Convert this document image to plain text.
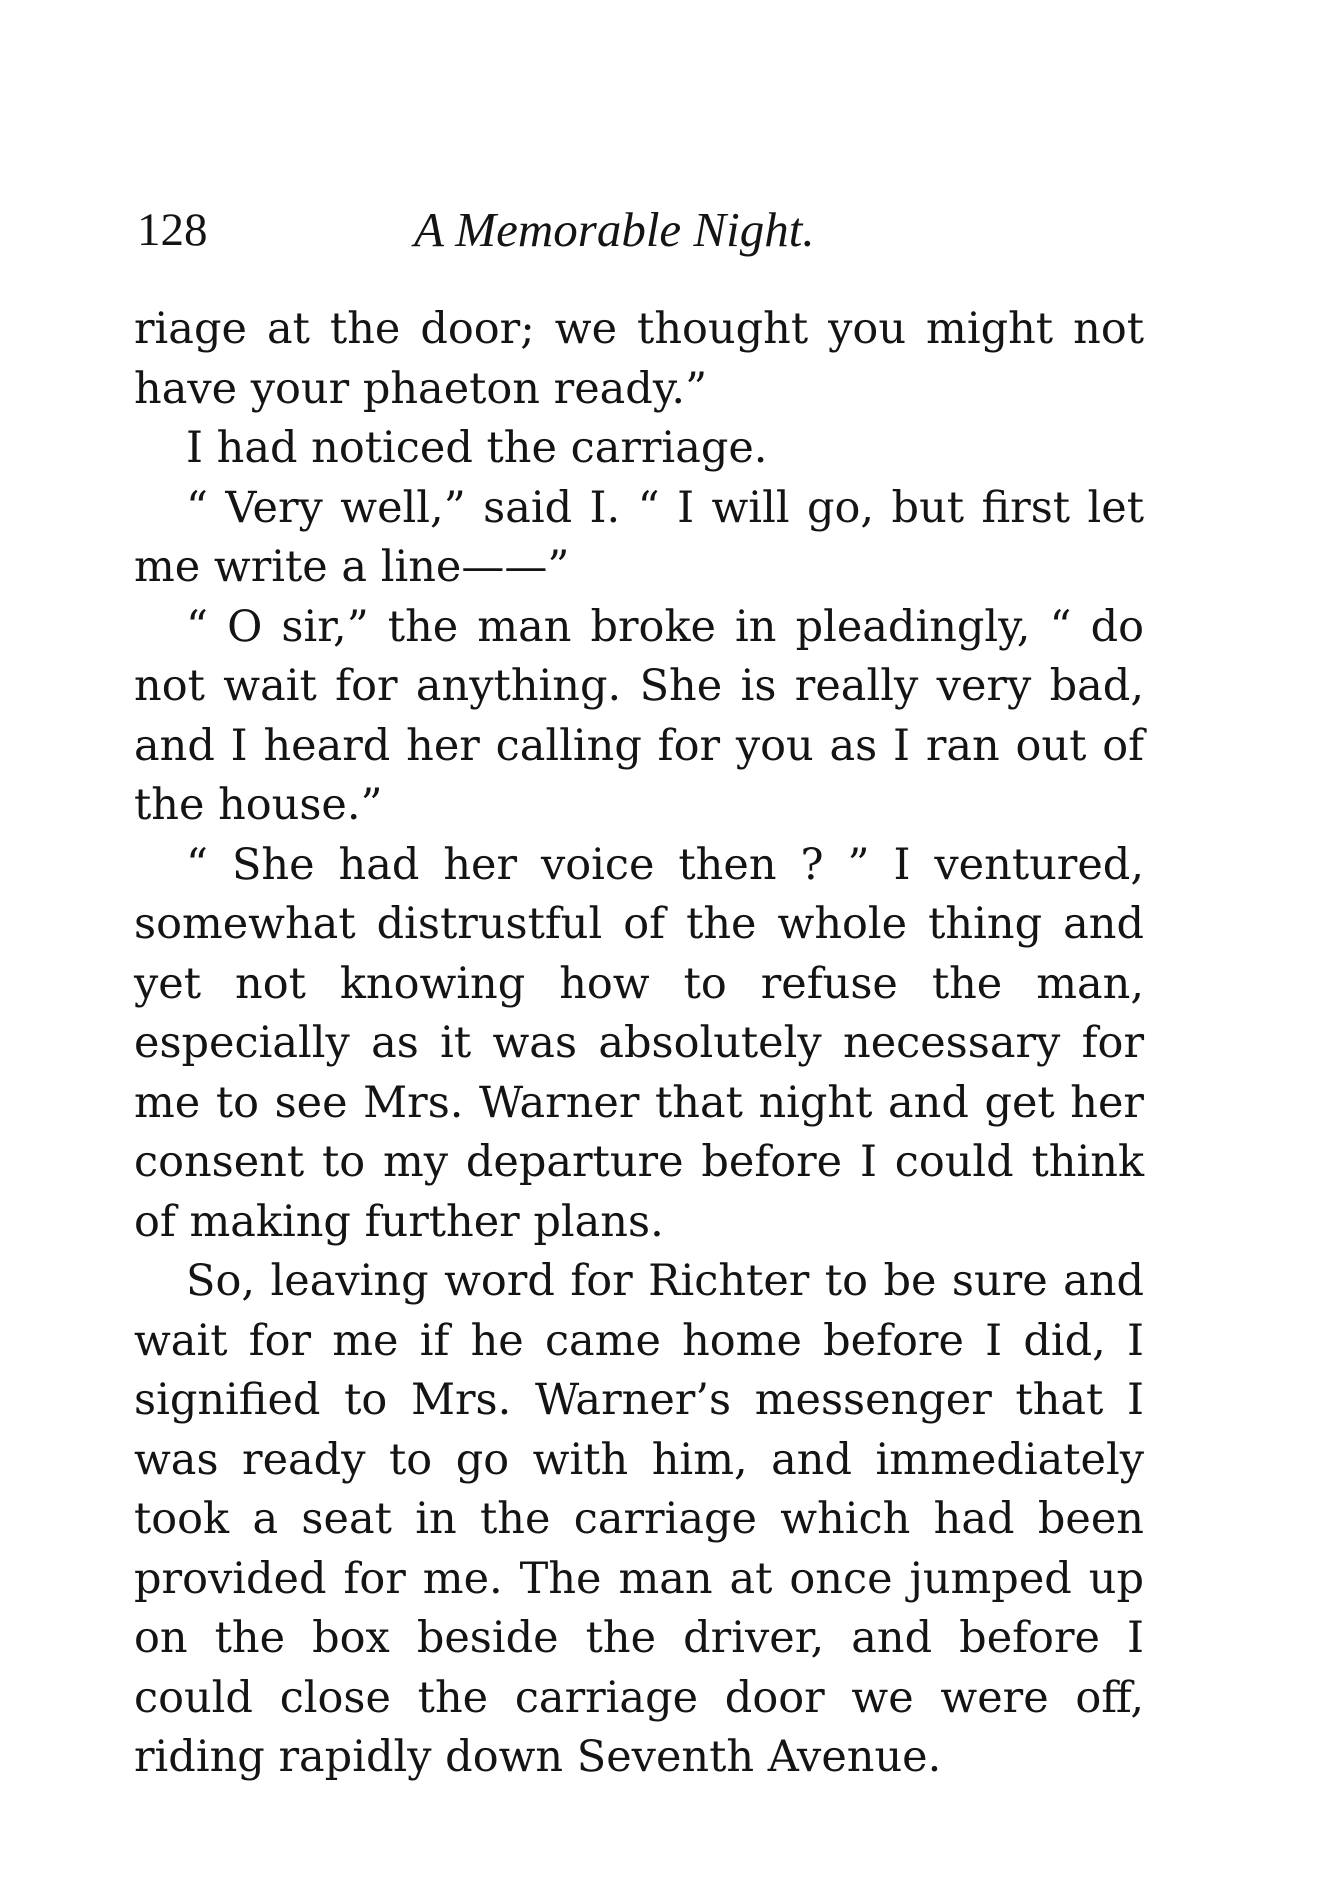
128	A Memorable Night.

riage at the door; we thought you might not have your phaeton ready.”

I had noticed the carriage.

“ Very well,” said I. “ I will go, but first let me write a line——”

“ O sir,” the man broke in pleadingly, “ do not wait for anything. She is really very bad, and I heard her calling for you as I ran out of the house.”

“ She had her voice then ? ” I ventured, somewhat distrustful of the whole thing and yet not knowing how to refuse the man, especially as it was absolutely necessary for me to see Mrs. Warner that night and get her consent to my departure before I could think of making further plans.

So, leaving word for Richter to be sure and wait for me if he came home before I did, I signified to Mrs. Warner’s messenger that I was ready to go with him, and immediately took a seat in the carriage which had been provided for me. The man at once jumped up on the box beside the driver, and before I could close the carriage door we were off, riding rapidly down Seventh Avenue.
